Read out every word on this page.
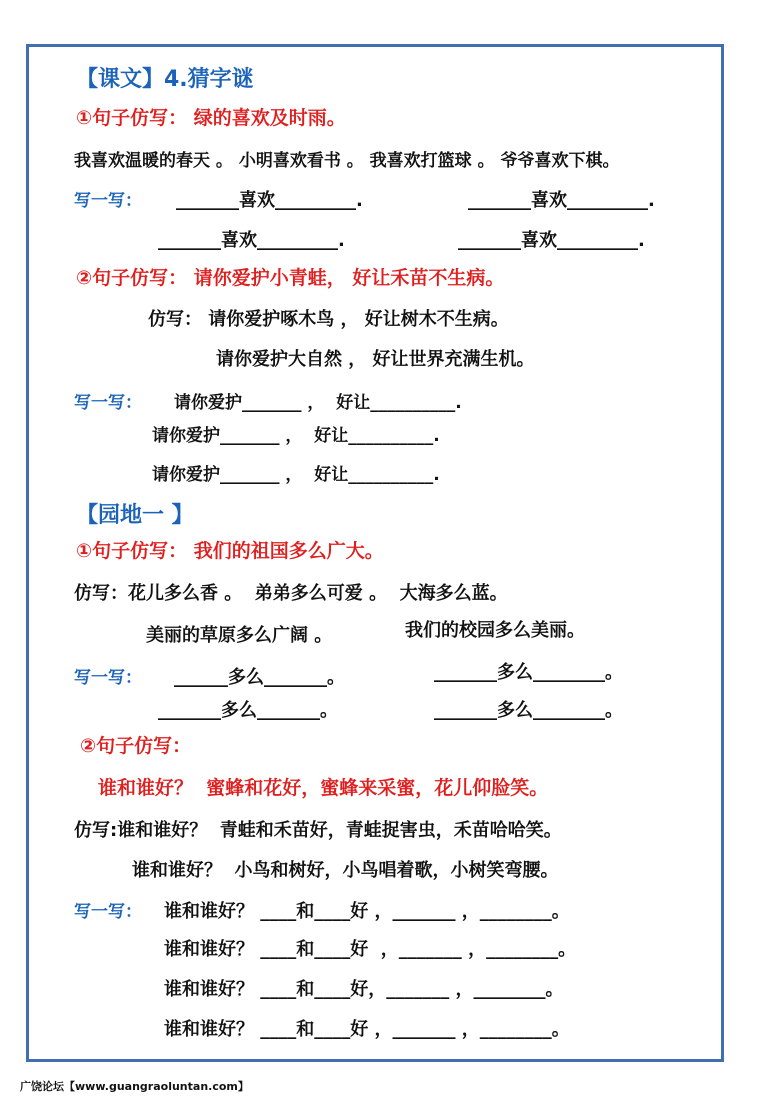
【课文】4.猜字谜
①句子仿写： 绿的喜欢及时雨。
我喜欢温暖的春天 。 小明喜欢看书 。 我喜欢打篮球 。 爷爷喜欢下棋。
写一写： _______喜欢_________.	_______喜欢_________.
_______喜欢_________.	_______喜欢_________.
②句子仿写： 请你爱护小青蛙， 好让禾苗不生病。
仿写： 请你爱护啄木鸟 ， 好让树木不生病。
请你爱护大自然 ， 好让世界充满生机。
写一写： 请你爱护_______ ，  好让__________.
请你爱护_______ ，  好让__________.
请你爱护_______ ，  好让__________.
【园地一 】
①句子仿写： 我们的祖国多么广大。
仿写：花儿多么香 。  弟弟多么可爱 。  大海多么蓝。
美丽的草原多么广阔 。	我们的校园多么美丽。
写一写： ______多么_______。	_______多么________。
_______多么_______。	_______多么________。
②句子仿写：
谁和谁好？  蜜蜂和花好，蜜蜂来采蜜，花儿仰脸笑。
仿写:谁和谁好？  青蛙和禾苗好，青蛙捉害虫，禾苗哈哈笑。
谁和谁好？  小鸟和树好，小鸟唱着歌，小树笑弯腰。
写一写： 谁和谁好？ ____和____好 ，_______ ，________。
谁和谁好？ ____和____好  ，_______ ，________。
谁和谁好？ ____和____好，_______ ，________。
谁和谁好？ ____和____好 ，_______ ，________。
广饶论坛【www.guangraoluntan.com】
